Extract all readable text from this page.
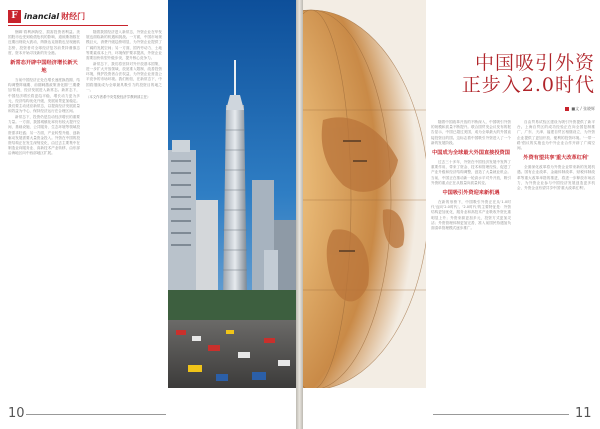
F inancial 财经门

捆绑'将利润掏空，损害投资者利益。美国股市也受到欧债危机的影响，道琼斯指数在近期出现较大波动，纳斯达克指数也呈现疲软态势，投资者对全球经济复苏前景持谨慎态度，资本开始寻找新的安全港。

新常态开辟中国经济增长新天地

当前中国经济正处在增长速度换挡期、结构调整阵痛期、前期刺激政策消化期'三期叠加'阶段，经济发展进入新常态。新常态下，中国经济增长将更趋平稳，增长动力更为多元，经济结构优化升级，发展前景更加稳定。我们要主动适应新常态，以提高经济发展质量和效益为中心，保持经济运行在合理区间。

新常态下，投资仍是拉动经济增长的重要力量。一方面，我国城镇化率仍有较大提升空间，基础设施、公共服务、生态环境等领域投资需求旺盛；另一方面，产业转型升级、创新驱动发展需要大量资金投入。外资在中国的投资结构正在发生深刻变化，由过去主要集中在制造业向服务业、高新技术产业转移，由东部沿海地区向中西部地区扩展。

随着我国经济进入新常态，外资企业在华发展也面临新的机遇和挑战。一方面，中国市场规模巨大，消费升级趋势明显，为外资企业提供了广阔的发展空间；另一方面，国内劳动力、土地等要素成本上升，环境保护要求提高，外资企业需要加快转型升级步伐，提升核心竞争力。

新常态下，我们将坚持对外开放基本国策，进一步扩大开放领域，放宽准入限制，改善投资环境，保护投资者合法权益，为外资企业营造公平竞争的市场环境。我们相信，在新常态下，中国将继续成为全球最具吸引力的投资目的地之一。

（本文作者系中央党校经济学教研部主任）
10
中国吸引外资
正步入2.0时代
■文 / 张晓辉

随着中国改革开放的不断深入，中国吸引外资的规模和质量不断提升。联合国贸发会议发布的报告显示，中国已超过美国，成为全球最大的外国直接投资目的国。这标志着中国吸引外资进入了一个新的发展阶段。

中国成为全球最大外国直接投资国

过去三十多年，外资在中国经济发展中发挥了重要作用，带来了资金、技术和管理经验，促进了产业升级和经济结构调整，创造了大量就业机会。当前，中国正在推动新一轮高水平对外开放，吸引外资的重点正在从数量向质量转变。

中国吸引外资迎来新机遇

在新的形势下，中国吸引外资正在从'1.0时代'迈向'2.0时代'。'2.0时代'的主要特征是：外资结构更加优化，服务业和高技术产业吸收外资比重明显上升；外资来源更加多元，投资方式更加灵活；外资管理体制更加完善，准入前国民待遇加负面清单管理模式逐步推广。

自由贸易试验区建设为吸引外资提供了新平台。上海自贸区的成功经验正在向全国复制推广，广东、天津、福建自贸区相继设立，为外资企业提供了更加开放、便利的投资环境。'一带一路'倡议的实施也为中外企业合作开辟了广阔空间。

外资有望共享'重大改革红利'

全面深化改革将为外资企业带来新的发展机遇。国有企业改革、金融体制改革、财税体制改革等重大改革举措的推进，将进一步释放市场活力，为外资企业参与中国经济发展创造更多机会，外资企业有望共享中国'重大改革红利'。

11
